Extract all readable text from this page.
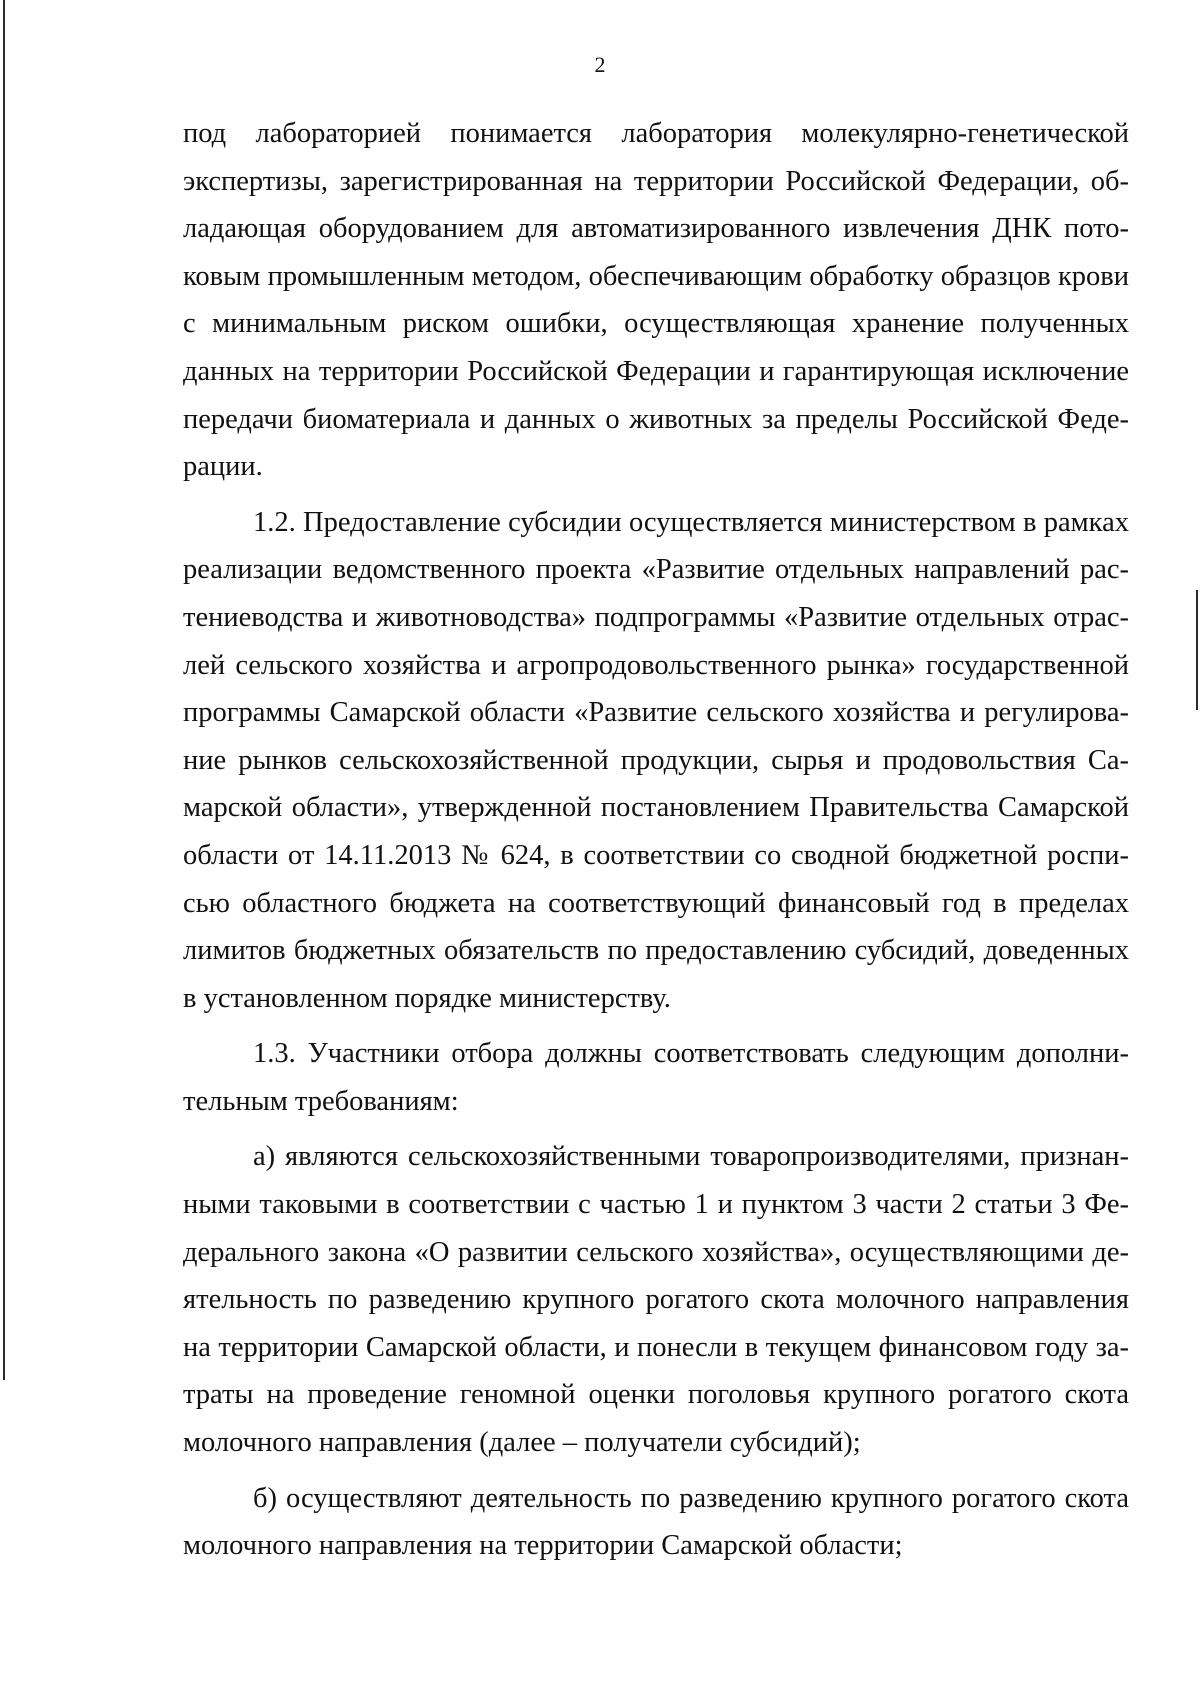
2

под лабораторией понимается лаборатория молекулярно-генетической экспертизы, зарегистрированная на территории Российской Федерации, обладающая оборудованием для автоматизированного извлечения ДНК потоковым промышленным методом, обеспечивающим обработку образцов крови с минимальным риском ошибки, осуществляющая хранение полученных данных на территории Российской Федерации и гарантирующая исключение передачи биоматериала и данных о животных за пределы Российской Федерации.

1.2. Предоставление субсидии осуществляется министерством в рамках реализации ведомственного проекта «Развитие отдельных направлений растениеводства и животноводства» подпрограммы «Развитие отдельных отраслей сельского хозяйства и агропродовольственного рынка» государственной программы Самарской области «Развитие сельского хозяйства и регулирование рынков сельскохозяйственной продукции, сырья и продовольствия Самарской области», утвержденной постановлением Правительства Самарской области от 14.11.2013 № 624, в соответствии со сводной бюджетной росписью областного бюджета на соответствующий финансовый год в пределах лимитов бюджетных обязательств по предоставлению субсидий, доведенных в установленном порядке министерству.

1.3. Участники отбора должны соответствовать следующим дополнительным требованиям:

а) являются сельскохозяйственными товаропроизводителями, признанными таковыми в соответствии с частью 1 и пунктом 3 части 2 статьи 3 Федерального закона «О развитии сельского хозяйства», осуществляющими деятельность по разведению крупного рогатого скота молочного направления на территории Самарской области, и понесли в текущем финансовом году затраты на проведение геномной оценки поголовья крупного рогатого скота молочного направления (далее – получатели субсидий);

б) осуществляют деятельность по разведению крупного рогатого скота молочного направления на территории Самарской области;
